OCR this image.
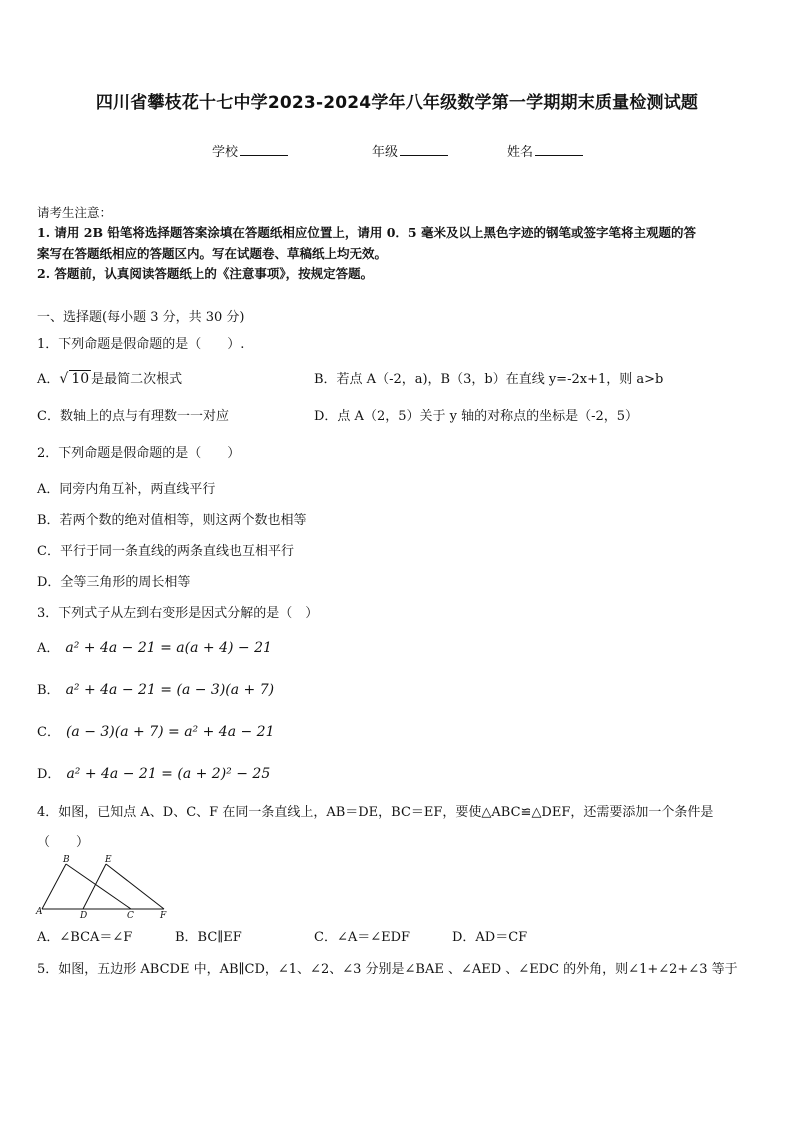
四川省攀枝花十七中学2023-2024学年八年级数学第一学期期末质量检测试题
学校	年级	姓名
请考生注意：
1. 请用 2B 铅笔将选择题答案涂填在答题纸相应位置上，请用 0．5 毫米及以上黑色字迹的钢笔或签字笔将主观题的答
案写在答题纸相应的答题区内。写在试题卷、草稿纸上均无效。
2. 答题前，认真阅读答题纸上的《注意事项》，按规定答题。
一、选择题(每小题 3 分，共 30 分)
1．下列命题是假命题的是（　　）.
A．√ 10 是最简二次根式	B．若点 A（-2，a)，B（3，b）在直线 y=-2x+1，则 a>b
C．数轴上的点与有理数一一对应	D．点 A（2，5）关于 y 轴的对称点的坐标是（-2，5）
2．下列命题是假命题的是（　　）
A．同旁内角互补，两直线平行
B．若两个数的绝对值相等，则这两个数也相等
C．平行于同一条直线的两条直线也互相平行
D．全等三角形的周长相等
3．下列式子从左到右变形是因式分解的是（　）
A． a² + 4a − 21 = a(a + 4) − 21
B． a² + 4a − 21 = (a − 3)(a + 7)
C． (a − 3)(a + 7) = a² + 4a − 21
D． a² + 4a − 21 = (a + 2)² − 25
4．如图，已知点 A、D、C、F 在同一条直线上，AB＝DE，BC＝EF，要使△ABC≌△DEF，还需要添加一个条件是
（　　）
A
B	E
D	C	F
A．∠BCA＝∠F	B．BC∥EF	C．∠A＝∠EDF	D．AD＝CF
5．如图，五边形 ABCDE 中，AB∥CD，∠1、∠2、∠3 分别是∠BAE 、∠AED 、∠EDC 的外角，则∠1+∠2+∠3 等于
